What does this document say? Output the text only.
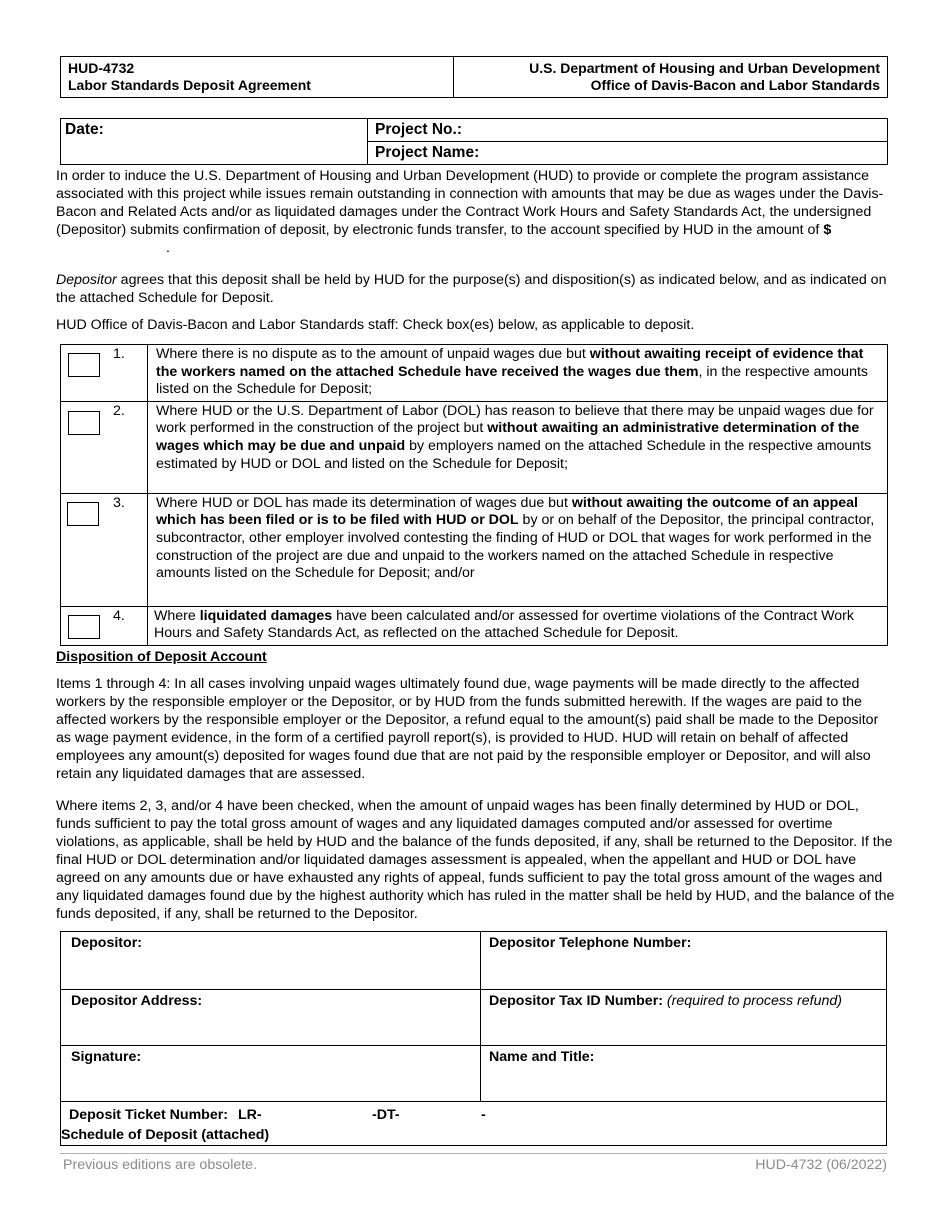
HUD-4732
Labor Standards Deposit Agreement

U.S. Department of Housing and Urban Development
Office of Davis-Bacon and Labor Standards
Date:	Project No.:
Project Name:
In order to induce the U.S. Department of Housing and Urban Development (HUD) to provide or complete the program assistance associated with this project while issues remain outstanding in connection with amounts that may be due as wages under the Davis-Bacon and Related Acts and/or as liquidated damages under the Contract Work Hours and Safety Standards Act, the undersigned (Depositor) submits confirmation of deposit, by electronic funds transfer, to the account specified by HUD in the amount of $.
Depositor agrees that this deposit shall be held by HUD for the purpose(s) and disposition(s) as indicated below, and as indicated on the attached Schedule for Deposit.
HUD Office of Davis-Bacon and Labor Standards staff: Check box(es) below, as applicable to deposit.
1.	Where there is no dispute as to the amount of unpaid wages due but without awaiting receipt of evidence that the workers named on the attached Schedule have received the wages due them, in the respective amounts listed on the Schedule for Deposit;

2.	Where HUD or the U.S. Department of Labor (DOL) has reason to believe that there may be unpaid wages due for work performed in the construction of the project but without awaiting an administrative determination of the wages which may be due and unpaid by employers named on the attached Schedule in the respective amounts estimated by HUD or DOL and listed on the Schedule for Deposit;

3.	Where HUD or DOL has made its determination of wages due but without awaiting the outcome of an appeal which has been filed or is to be filed with HUD or DOL by or on behalf of the Depositor, the principal contractor, subcontractor, other employer involved contesting the finding of HUD or DOL that wages for work performed in the construction of the project are due and unpaid to the workers named on the attached Schedule in respective amounts listed on the Schedule for Deposit; and/or

4.	Where liquidated damages have been calculated and/or assessed for overtime violations of the Contract Work Hours and Safety Standards Act, as reflected on the attached Schedule for Deposit.
Disposition of Deposit Account
Items 1 through 4: In all cases involving unpaid wages ultimately found due, wage payments will be made directly to the affected workers by the responsible employer or the Depositor, or by HUD from the funds submitted herewith. If the wages are paid to the affected workers by the responsible employer or the Depositor, a refund equal to the amount(s) paid shall be made to the Depositor as wage payment evidence, in the form of a certified payroll report(s), is provided to HUD. HUD will retain on behalf of affected employees any amount(s) deposited for wages found due that are not paid by the responsible employer or Depositor, and will also retain any liquidated damages that are assessed.
Where items 2, 3, and/or 4 have been checked, when the amount of unpaid wages has been finally determined by HUD or DOL, funds sufficient to pay the total gross amount of wages and any liquidated damages computed and/or assessed for overtime violations, as applicable, shall be held by HUD and the balance of the funds deposited, if any, shall be returned to the Depositor. If the final HUD or DOL determination and/or liquidated damages assessment is appealed, when the appellant and HUD or DOL have agreed on any amounts due or have exhausted any rights of appeal, funds sufficient to pay the total gross amount of the wages and any liquidated damages found due by the highest authority which has ruled in the matter shall be held by HUD, and the balance of the funds deposited, if any, shall be returned to the Depositor.
Depositor:	Depositor Telephone Number:
Depositor Address:	Depositor Tax ID Number: (required to process refund)
Signature:	Name and Title:
Deposit Ticket Number: LR- -DT- -	
Schedule of Deposit (attached)
Previous editions are obsolete.	HUD-4732 (06/2022)
